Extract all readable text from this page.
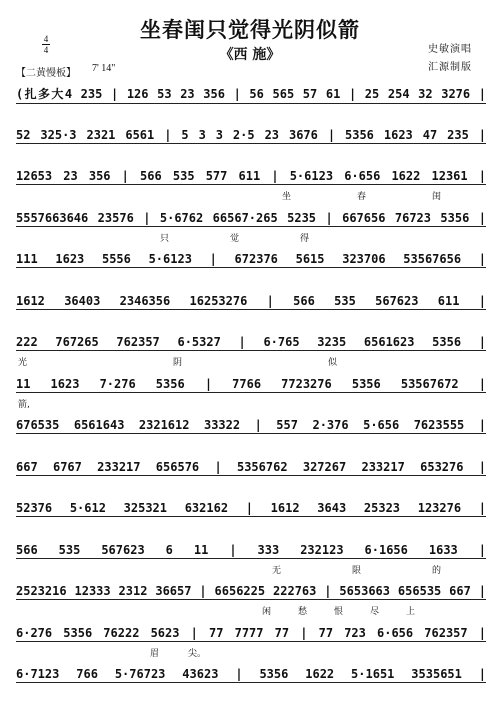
4
4
坐春闺只觉得光阴似箭
《西 施》	史敏演唱
汇源制版
【二黄慢板】 7' 14"
(扎多大4 235 | 126 53 23 356 | 56 565 57 61 | 25 254 32 3276 |
52 325·3 2321 6561 | 5 3 3 2·5 23 3676 | 5356 1623 47 235 |
12653 23 356 | 566 535 577 611 | 5·6123 6·656 1622 12361 |
5557663646 23576 | 5·6762 66567·265 5235 | 667656 76723 5356 |
111 1623 5556 5·6123 | 672376 5615 323706 53567656 |
1612 36403 2346356 16253276 | 566 535 567623 611 |
222 767265 762357 6·5327 | 6·765 3235 6561623 5356 |
11 1623 7·276 5356 | 7766 7723276 5356 53567672 |
676535 6561643 2321612 33322 | 557 2·376 5·656 7623555 |
667 6767 233217 656576 | 5356762 327267 233217 653276 |
52376 5·612 325321 632162 | 1612 3643 25323 123276 |
566 535 567623 6 11 | 333 232123 6·1656 1633 |
2523216 12333 2312 36657 | 6656225 222763 | 5653663 656535 667 |
6·276 5356 76222 5623 | 77 7777 77 | 77 723 6·656 762357 |
6·7123 766 5·76723 43623 | 5356 1622 5·1651 3535651 |
坐	春	闺
只	觉	得
光	阴	似
箭,
无	限	的
闲	愁	恨	尽	上
眉	尖。
